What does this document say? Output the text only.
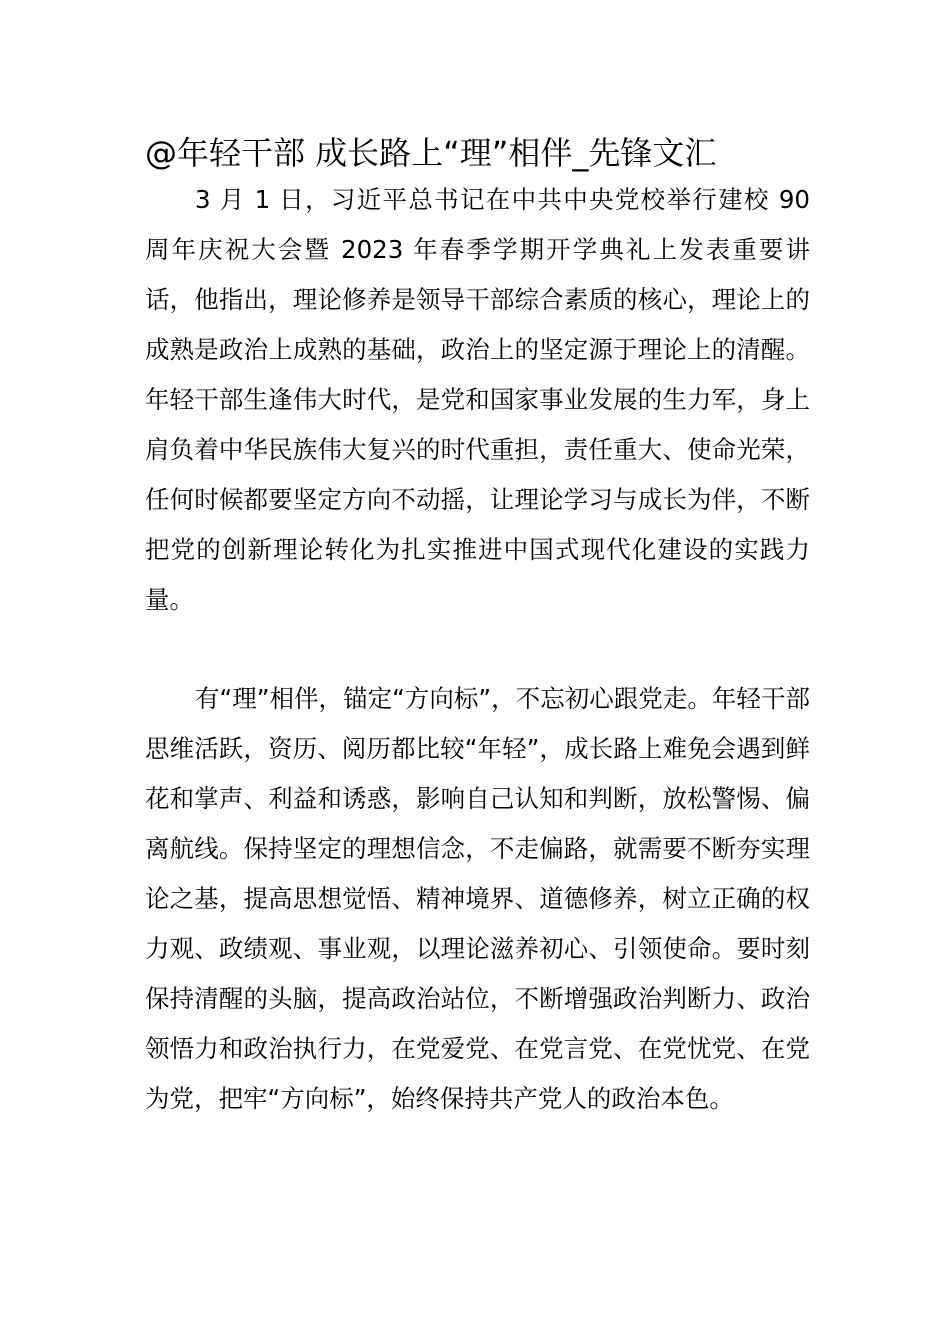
@年轻干部 成长路上“理”相伴_先锋文汇

3 月 1 日，习近平总书记在中共中央党校举行建校 90 周年庆祝大会暨 2023 年春季学期开学典礼上发表重要讲话，他指出，理论修养是领导干部综合素质的核心，理论上的成熟是政治上成熟的基础，政治上的坚定源于理论上的清醒。年轻干部生逢伟大时代，是党和国家事业发展的生力军，身上肩负着中华民族伟大复兴的时代重担，责任重大、使命光荣，任何时候都要坚定方向不动摇，让理论学习与成长为伴，不断把党的创新理论转化为扎实推进中国式现代化建设的实践力量。

有“理”相伴，锚定“方向标”，不忘初心跟党走。年轻干部思维活跃，资历、阅历都比较“年轻”，成长路上难免会遇到鲜花和掌声、利益和诱惑，影响自己认知和判断，放松警惕、偏离航线。保持坚定的理想信念，不走偏路，就需要不断夯实理论之基，提高思想觉悟、精神境界、道德修养，树立正确的权力观、政绩观、事业观，以理论滋养初心、引领使命。要时刻保持清醒的头脑，提高政治站位，不断增强政治判断力、政治领悟力和政治执行力，在党爱党、在党言党、在党忧党、在党为党，把牢“方向标”，始终保持共产党人的政治本色。
